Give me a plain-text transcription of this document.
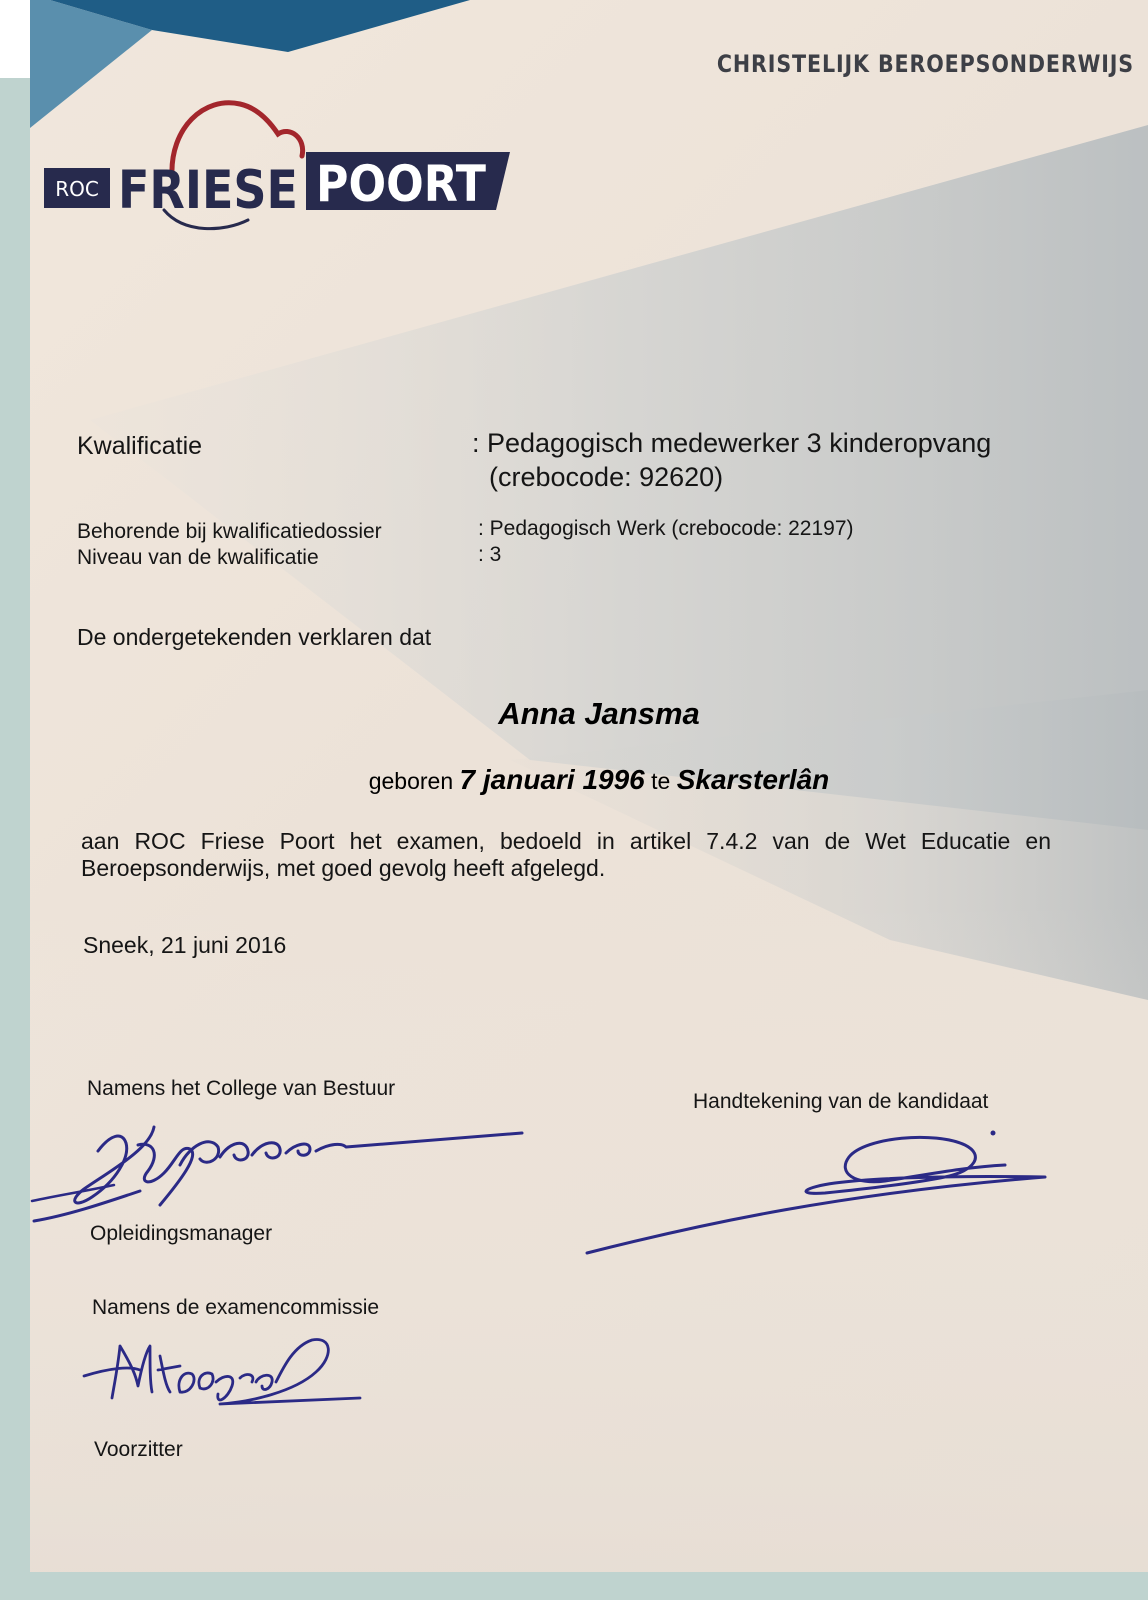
CHRISTELIJK BEROEPSONDERWIJS
ROC FRIESE POORT
Kwalificatie	: Pedagogisch medewerker 3 kinderopvang
(crebocode: 92620)
Behorende bij kwalificatiedossier	: Pedagogisch Werk (crebocode: 22197)
Niveau van de kwalificatie	: 3
De ondergetekenden verklaren dat
Anna Jansma
geboren 7 januari 1996 te Skarsterlân
aan ROC Friese Poort het examen, bedoeld in artikel 7.4.2 van de Wet Educatie en
Beroepsonderwijs, met goed gevolg heeft afgelegd.
Sneek, 21 juni 2016
Namens het College van Bestuur
Handtekening van de kandidaat
Opleidingsmanager
Namens de examencommissie
Voorzitter
